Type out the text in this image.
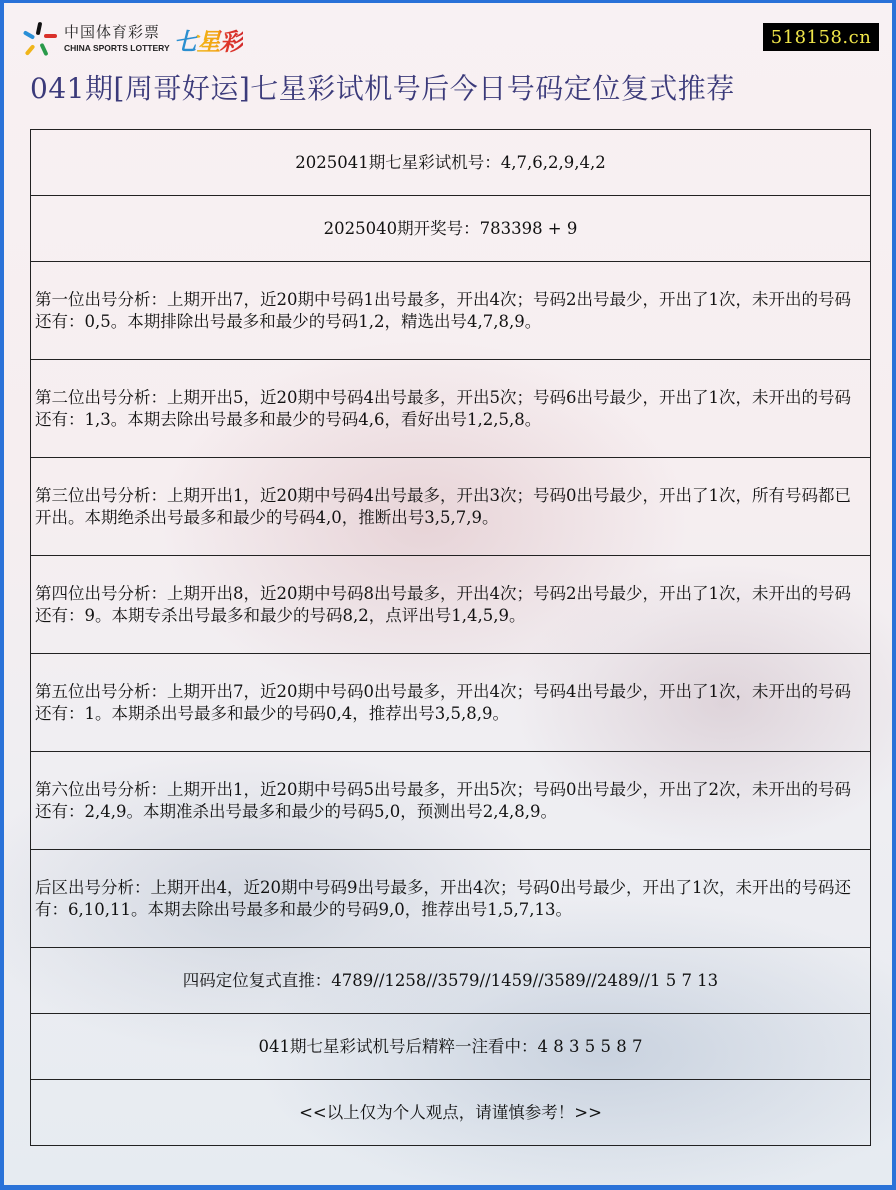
中国体育彩票
CHINA SPORTS LOTTERY 七星彩	518158.cn
041期[周哥好运]七星彩试机号后今日号码定位复式推荐
2025041期七星彩试机号：4,7,6,2,9,4,2
2025040期开奖号：783398 + 9
第一位出号分析：上期开出7，近20期中号码1出号最多，开出4次；号码2出号最少，开出了1次，未开出的号码还有：0,5。本期排除出号最多和最少的号码1,2，精选出号4,7,8,9。
第二位出号分析：上期开出5，近20期中号码4出号最多，开出5次；号码6出号最少，开出了1次，未开出的号码还有：1,3。本期去除出号最多和最少的号码4,6，看好出号1,2,5,8。
第三位出号分析：上期开出1，近20期中号码4出号最多，开出3次；号码0出号最少，开出了1次，所有号码都已开出。本期绝杀出号最多和最少的号码4,0，推断出号3,5,7,9。
第四位出号分析：上期开出8，近20期中号码8出号最多，开出4次；号码2出号最少，开出了1次，未开出的号码还有：9。本期专杀出号最多和最少的号码8,2，点评出号1,4,5,9。
第五位出号分析：上期开出7，近20期中号码0出号最多，开出4次；号码4出号最少，开出了1次，未开出的号码还有：1。本期杀出号最多和最少的号码0,4，推荐出号3,5,8,9。
第六位出号分析：上期开出1，近20期中号码5出号最多，开出5次；号码0出号最少，开出了2次，未开出的号码还有：2,4,9。本期准杀出号最多和最少的号码5,0，预测出号2,4,8,9。
后区出号分析：上期开出4，近20期中号码9出号最多，开出4次；号码0出号最少，开出了1次，未开出的号码还有：6,10,11。本期去除出号最多和最少的号码9,0，推荐出号1,5,7,13。
四码定位复式直推：4789//1258//3579//1459//3589//2489//1 5 7 13
041期七星彩试机号后精粹一注看中：4 8 3 5 5 8 7
<<以上仅为个人观点，请谨慎参考！>>
